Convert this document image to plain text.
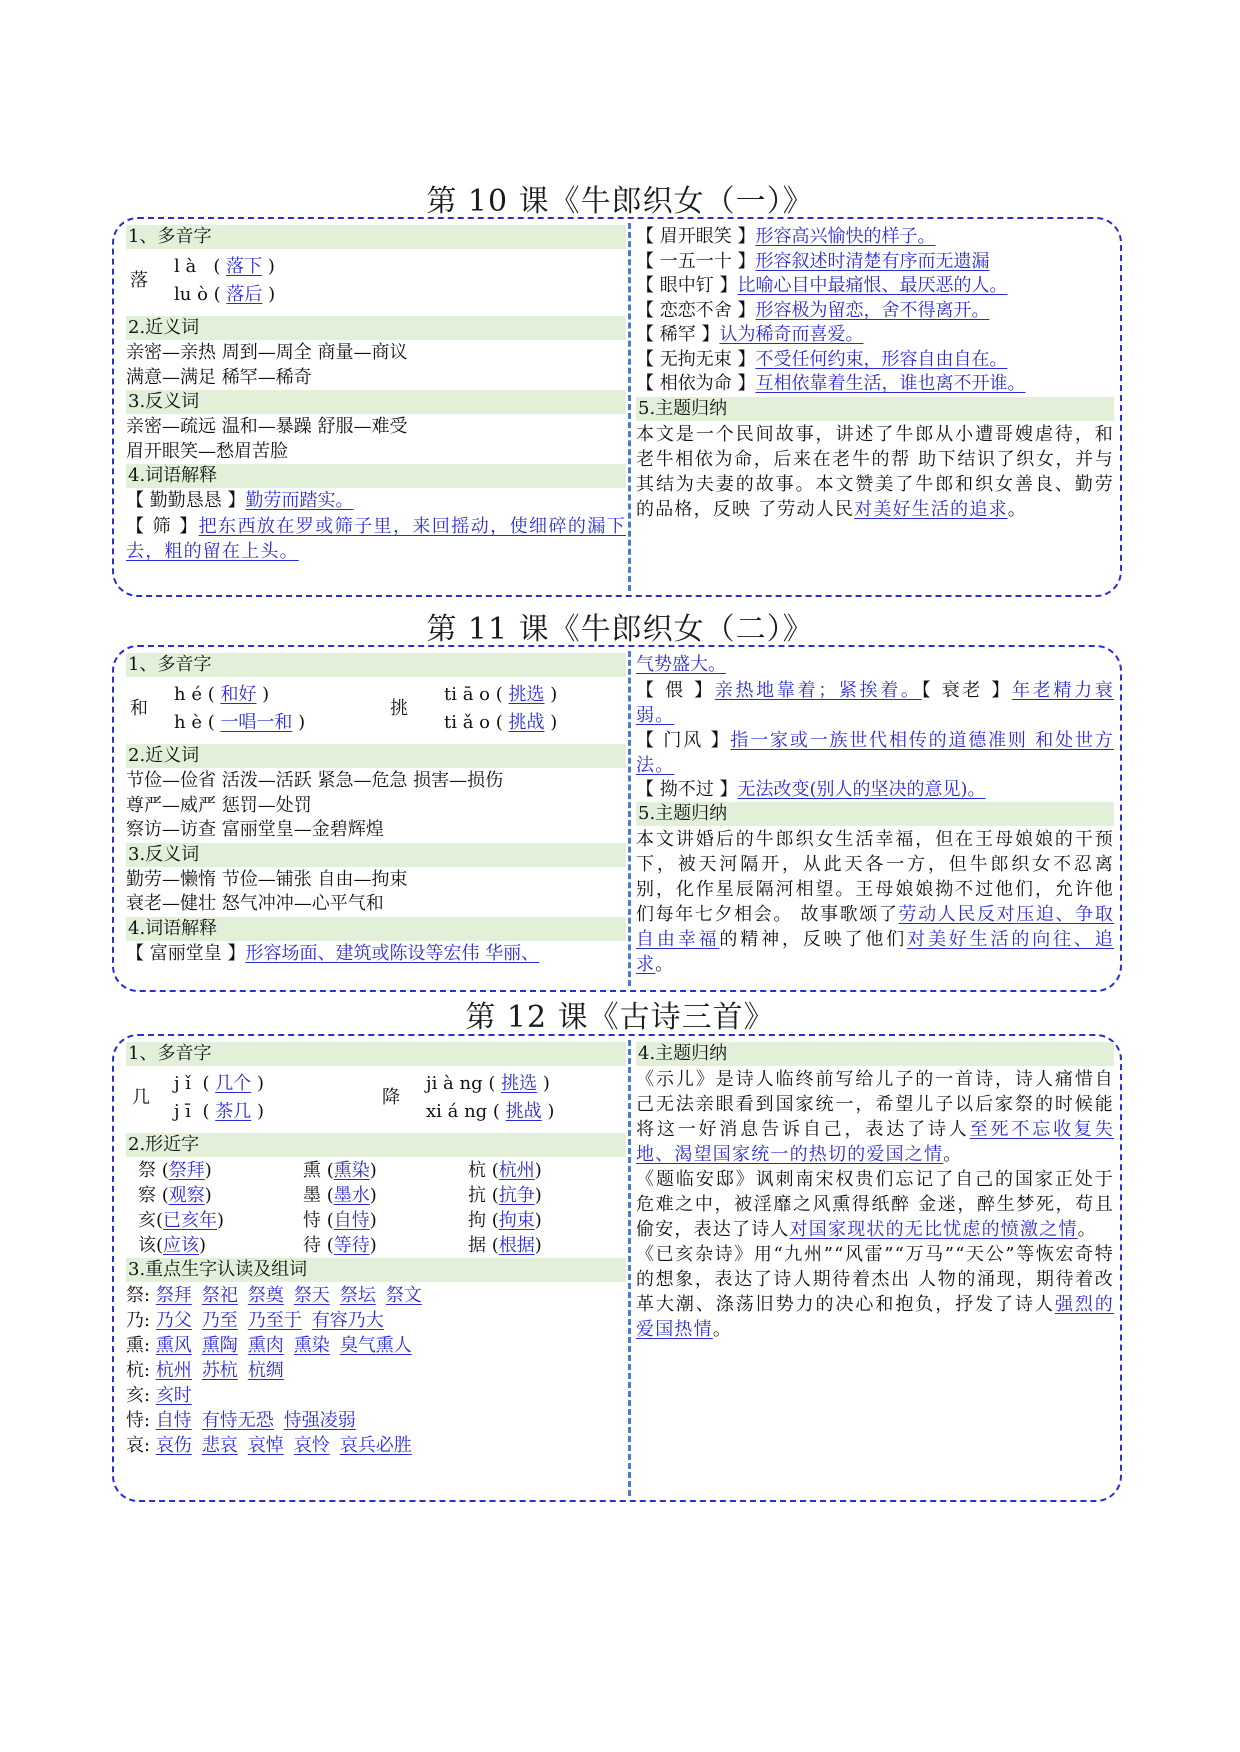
第 10 课《牛郎织女（一）》
1、多音字
落
l à   ( 落下 )
lu ò ( 落后 )
2.近义词
亲密—亲热 周到—周全 商量—商议
满意—满足 稀罕—稀奇
3.反义词
亲密—疏远 温和—暴躁 舒服—难受
眉开眼笑—愁眉苦脸
4.词语解释
【 勤勤恳恳 】勤劳而踏实。
【 筛 】把东西放在罗或筛子里，来回摇动，使细碎的漏下去，粗的留在上头。
【 眉开眼笑 】形容高兴愉快的样子。
【 一五一十 】形容叙述时清楚有序而无遗漏
【 眼中钉 】比喻心目中最痛恨、最厌恶的人。
【 恋恋不舍 】形容极为留恋，舍不得离开。
【 稀罕 】认为稀奇而喜爱。
【 无拘无束 】不受任何约束，形容自由自在。
【 相依为命 】互相依靠着生活，谁也离不开谁。
5.主题归纳
本文是一个民间故事，讲述了牛郎从小遭哥嫂虐待，和老牛相依为命，后来在老牛的帮 助下结识了织女，并与其结为夫妻的故事。本文赞美了牛郎和织女善良、勤劳的品格，反映 了劳动人民对美好生活的追求。
第 11 课《牛郎织女（二）》
1、多音字
和
h é ( 和好 )
h è ( 一唱一和 )
挑
ti ā o ( 挑选 )
ti ǎ o ( 挑战 )
2.近义词
节俭—俭省 活泼—活跃 紧急—危急 损害—损伤
尊严—威严 惩罚—处罚
察访—访查 富丽堂皇—金碧辉煌
3.反义词
勤劳—懒惰 节俭—铺张 自由—拘束
衰老—健壮 怒气冲冲—心平气和
4.词语解释
【 富丽堂皇 】形容场面、建筑或陈设等宏伟 华丽、
气势盛大。
【 偎 】亲热地靠着；紧挨着。【 衰老 】年老精力衰弱。
【 门风 】指一家或一族世代相传的道德准则 和处世方法。
【 拗不过 】无法改变(别人的坚决的意见)。
5.主题归纳
本文讲婚后的牛郎织女生活幸福，但在王母娘娘的干预下，被天河隔开，从此天各一方，但牛郎织女不忍离别，化作星辰隔河相望。王母娘娘拗不过他们，允许他们每年七夕相会。 故事歌颂了劳动人民反对压迫、争取自由幸福的精神，反映了他们对美好生活的向往、追求。
第 12 课《古诗三首》
1、多音字
几
j ǐ  ( 几个 )
j ī  ( 茶几 )
降
ji à ng ( 挑选 )
xi á ng ( 挑战 )
2.形近字
祭 (祭拜)	熏 (熏染)	杭 (杭州)
察 (观察)	墨 (墨水)	抗 (抗争)
亥(已亥年)	恃 (自恃)	拘 (拘束)
该(应该)	待 (等待)	据 (根据)
3.重点生字认读及组词
祭: 祭拜 祭祀 祭奠 祭天 祭坛 祭文
乃: 乃父 乃至 乃至于 有容乃大
熏: 熏风 熏陶 熏肉 熏染 臭气熏人
杭: 杭州 苏杭 杭绸
亥: 亥时
恃: 自恃 有恃无恐 恃强凌弱
哀: 哀伤 悲哀 哀悼 哀怜 哀兵必胜
4.主题归纳
《示儿》是诗人临终前写给儿子的一首诗，诗人痛惜自己无法亲眼看到国家统一，希望儿子以后家祭的时候能将这一好消息告诉自己，表达了诗人至死不忘收复失地、渴望国家统一的热切的爱国之情。
《题临安邸》讽刺南宋权贵们忘记了自己的国家正处于危难之中，被淫靡之风熏得纸醉 金迷，醉生梦死，苟且偷安，表达了诗人对国家现状的无比忧虑的愤激之情。
《已亥杂诗》用“九州”“风雷”“万马”“天公”等恢宏奇特的想象，表达了诗人期待着杰出 人物的涌现，期待着改革大潮、涤荡旧势力的决心和抱负，抒发了诗人强烈的爱国热情。
